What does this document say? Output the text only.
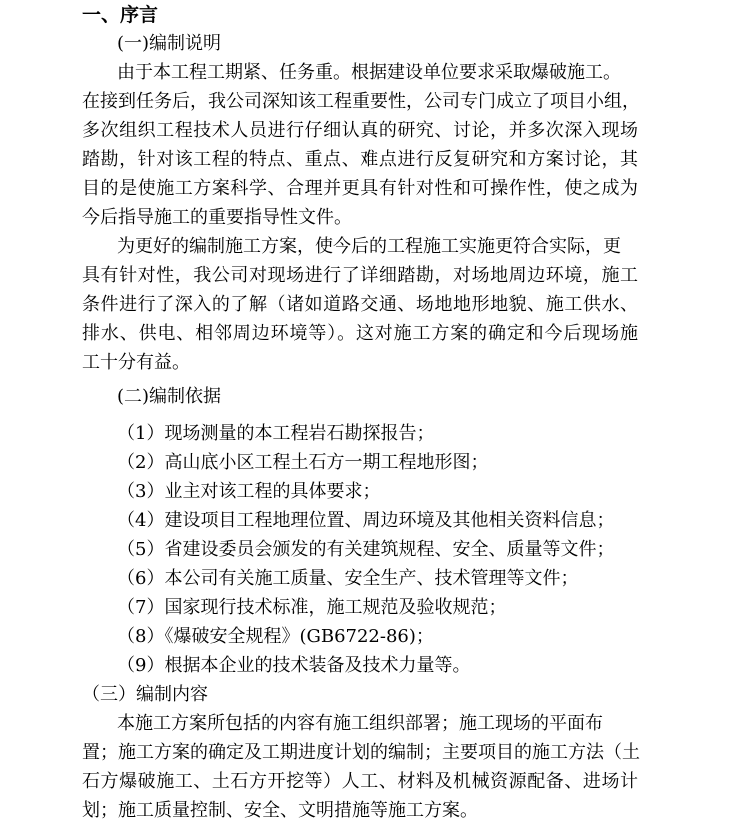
一、序言
(一)编制说明
由于本工程工期紧、任务重。根据建设单位要求采取爆破施工。
在接到任务后，我公司深知该工程重要性，公司专门成立了项目小组，
多次组织工程技术人员进行仔细认真的研究、讨论，并多次深入现场
踏勘，针对该工程的特点、重点、难点进行反复研究和方案讨论，其
目的是使施工方案科学、合理并更具有针对性和可操作性，使之成为
今后指导施工的重要指导性文件。
为更好的编制施工方案，使今后的工程施工实施更符合实际，更
具有针对性，我公司对现场进行了详细踏勘，对场地周边环境，施工
条件进行了深入的了解（诸如道路交通、场地地形地貌、施工供水、
排水、供电、相邻周边环境等）。这对施工方案的确定和今后现场施
工十分有益。
(二)编制依据
（1）现场测量的本工程岩石勘探报告；
（2）高山底小区工程土石方一期工程地形图；
（3）业主对该工程的具体要求；
（4）建设项目工程地理位置、周边环境及其他相关资料信息；
（5）省建设委员会颁发的有关建筑规程、安全、质量等文件；
（6）本公司有关施工质量、安全生产、技术管理等文件；
（7）国家现行技术标准，施工规范及验收规范；
（8）《爆破安全规程》(GB6722-86)；
（9）根据本企业的技术装备及技术力量等。
（三）编制内容
本施工方案所包括的内容有施工组织部署；施工现场的平面布
置；施工方案的确定及工期进度计划的编制；主要项目的施工方法（土
石方爆破施工、土石方开挖等）人工、材料及机械资源配备、进场计
划；施工质量控制、安全、文明措施等施工方案。
